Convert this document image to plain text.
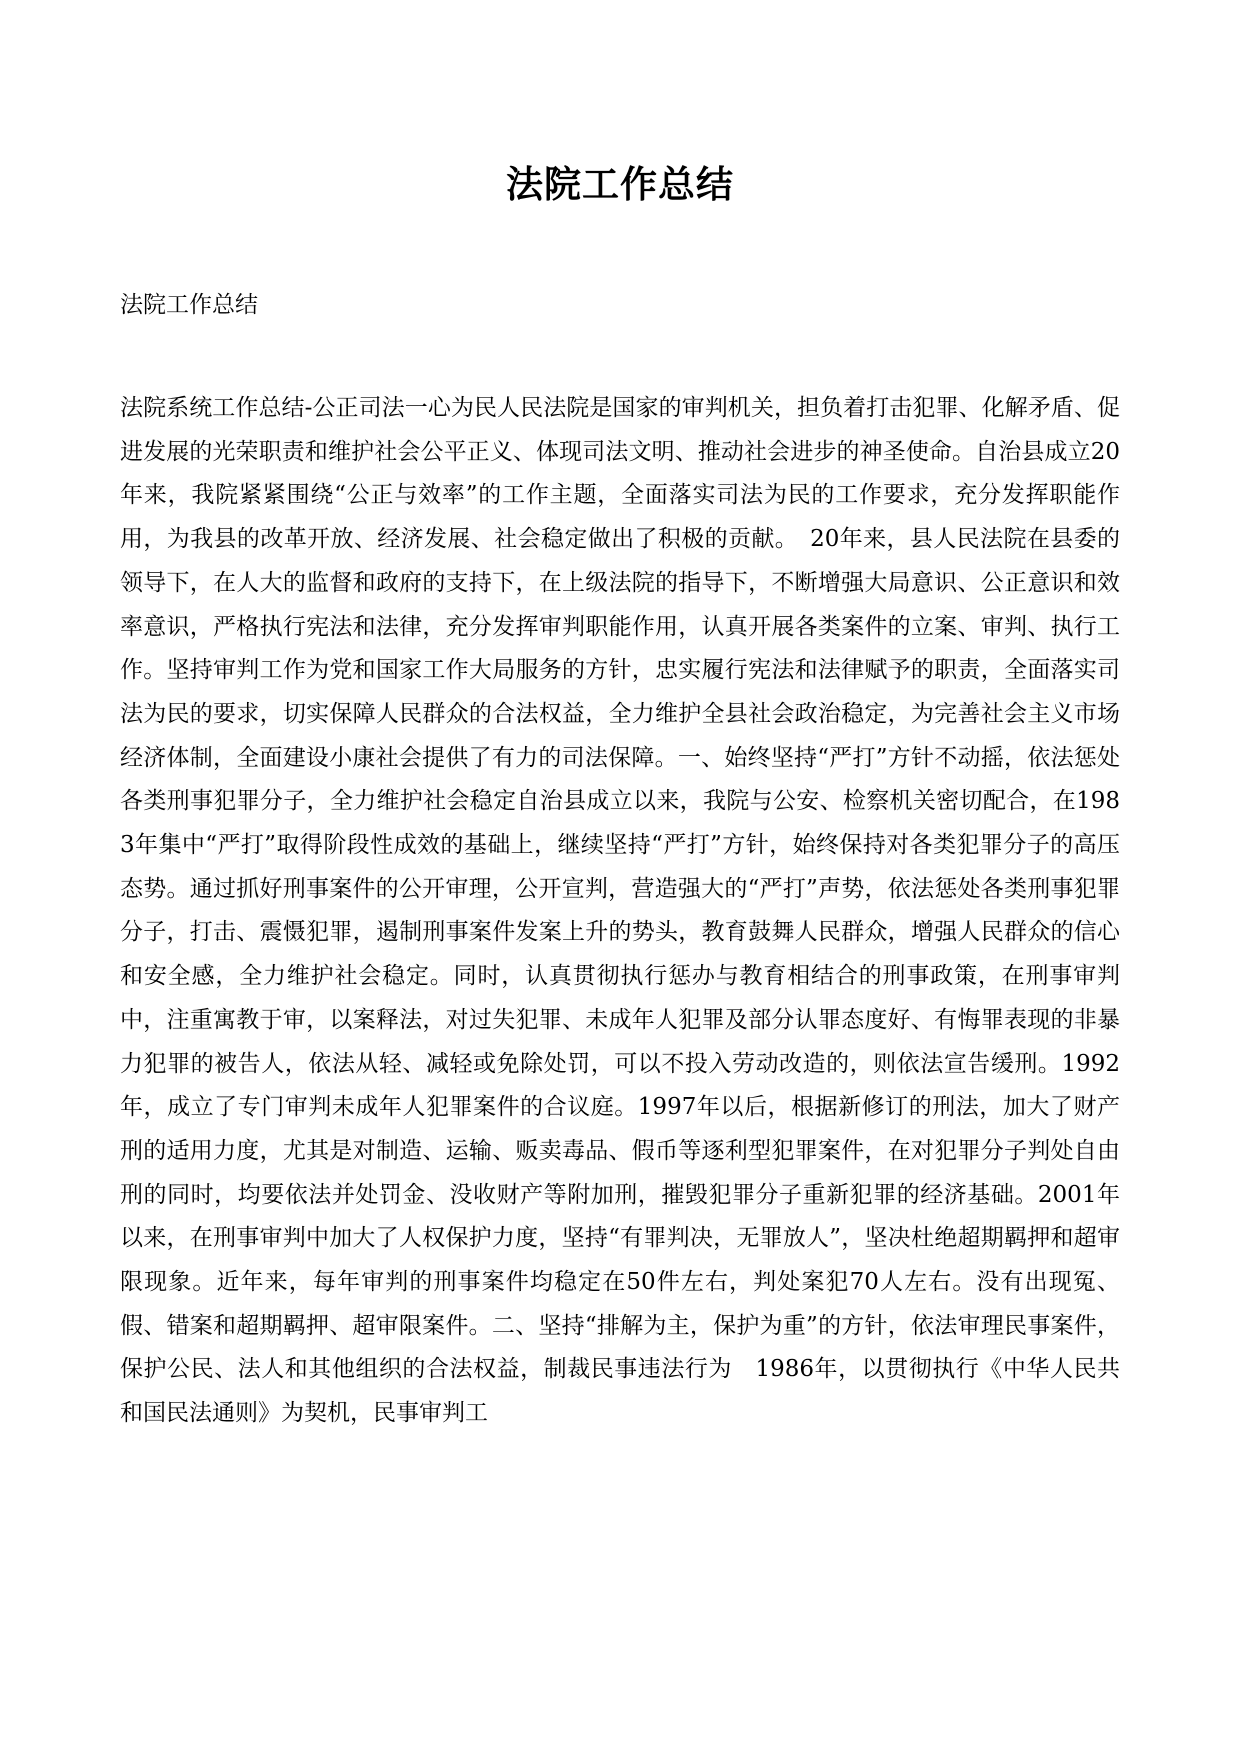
法院工作总结
法院工作总结

法院系统工作总结-公正司法一心为民人民法院是国家的审判机关，担负着打击犯罪、化解矛盾、促进发展的光荣职责和维护社会公平正义、体现司法文明、推动社会进步的神圣使命。自治县成立20年来，我院紧紧围绕“公正与效率”的工作主题，全面落实司法为民的工作要求，充分发挥职能作用，为我县的改革开放、经济发展、社会稳定做出了积极的贡献。　20年来，县人民法院在县委的领导下，在人大的监督和政府的支持下，在上级法院的指导下，不断增强大局意识、公正意识和效率意识，严格执行宪法和法律，充分发挥审判职能作用，认真开展各类案件的立案、审判、执行工作。坚持审判工作为党和国家工作大局服务的方针，忠实履行宪法和法律赋予的职责，全面落实司法为民的要求，切实保障人民群众的合法权益，全力维护全县社会政治稳定，为完善社会主义市场经济体制，全面建设小康社会提供了有力的司法保障。一、始终坚持“严打”方针不动摇，依法惩处各类刑事犯罪分子，全力维护社会稳定自治县成立以来，我院与公安、检察机关密切配合，在1983年集中“严打”取得阶段性成效的基础上，继续坚持“严打”方针，始终保持对各类犯罪分子的高压态势。通过抓好刑事案件的公开审理，公开宣判，营造强大的“严打”声势，依法惩处各类刑事犯罪分子，打击、震慑犯罪，遏制刑事案件发案上升的势头，教育鼓舞人民群众，增强人民群众的信心和安全感，全力维护社会稳定。同时，认真贯彻执行惩办与教育相结合的刑事政策，在刑事审判中，注重寓教于审，以案释法，对过失犯罪、未成年人犯罪及部分认罪态度好、有悔罪表现的非暴力犯罪的被告人，依法从轻、减轻或免除处罚，可以不投入劳动改造的，则依法宣告缓刑。1992年，成立了专门审判未成年人犯罪案件的合议庭。1997年以后，根据新修订的刑法，加大了财产刑的适用力度，尤其是对制造、运输、贩卖毒品、假币等逐利型犯罪案件，在对犯罪分子判处自由刑的同时，均要依法并处罚金、没收财产等附加刑，摧毁犯罪分子重新犯罪的经济基础。2001年以来，在刑事审判中加大了人权保护力度，坚持“有罪判决，无罪放人”，坚决杜绝超期羁押和超审限现象。近年来，每年审判的刑事案件均稳定在50件左右，判处案犯70人左右。没有出现冤、假、错案和超期羁押、超审限案件。二、坚持“排解为主，保护为重”的方针，依法审理民事案件，保护公民、法人和其他组织的合法权益，制裁民事违法行为　1986年，以贯彻执行《中华人民共和国民法通则》为契机，民事审判工
